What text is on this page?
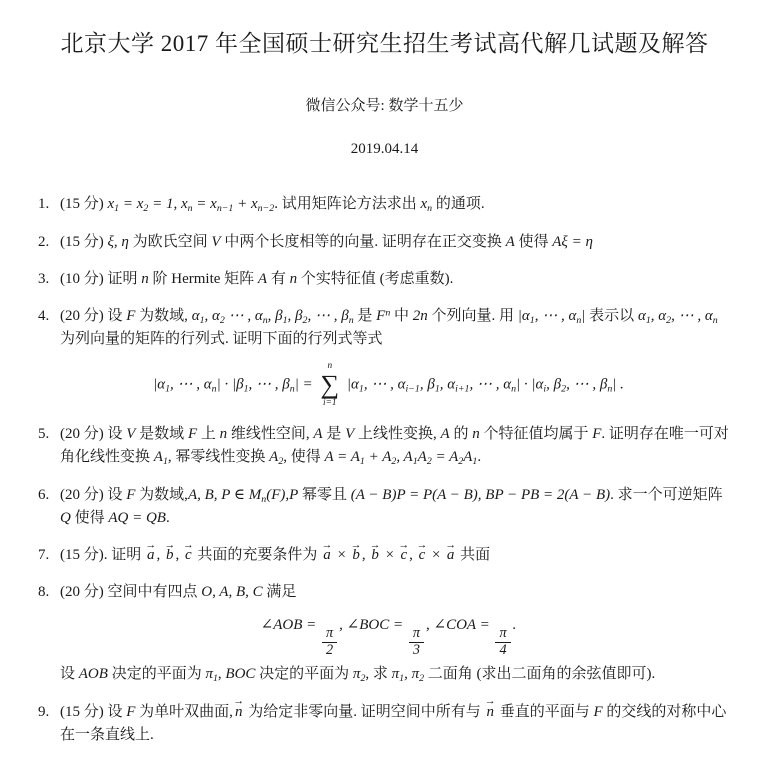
北京大学 2017 年全国硕士研究生招生考试高代解几试题及解答
微信公众号: 数学十五少
2019.04.14
1. (15 分) $x_1 = x_2 = 1$, $x_n = x_{n-1} + x_{n-2}$. 试用矩阵论方法求出 $x_n$ 的通项.
2. (15 分) ξ, η 为欧氏空间 V 中两个长度相等的向量. 证明存在正交变换 A 使得 Aξ = η
3. (10 分) 证明 n 阶 Hermite 矩阵 A 有 n 个实特征值 (考虑重数).
4. (20 分) 设 F 为数域, $\alpha_1$, $\alpha_2$ ⋯ , $\alpha_n$, $\beta_1$, $\beta_2$, ⋯ , $\beta_n$ 是 $F^n$ 中 2n 个列向量. 用 $|\alpha_1$, ⋯ , $\alpha_n|$ 表示以 $\alpha_1$, $\alpha_2$, ⋯ , $\alpha_n$ 为列向量的矩阵的行列式. 证明下面的行列式等式
$|\alpha_1$, ⋯ , $\alpha_n| \cdot |\beta_1$, ⋯ , $\beta_n|$ =
n
∑
i=1
$|\alpha_1$, ⋯ , $\alpha_{i-1}$, $\beta_1$, $\alpha_{i+1}$, ⋯ , $\alpha_n| \cdot |\alpha_i$, $\beta_2$, ⋯ , $\beta_n|$ .
5. (20 分) 设 V 是数域 F 上 n 维线性空间, A 是 V 上线性变换, A 的 n 个特征值均属于 F. 证明存在唯一可对角化线性变换 $A_1$, 幂零线性变换 $A_2$, 使得 $A = A_1 + A_2$, $A_1A_2 = A_2A_1$.
6. (20 分) 设 F 为数域,A, B, P ∈ $M_n(F),P$ 幂零且 (A − B)P = P(A − B), BP − PB = 2(A − B). 求一个可逆矩阵 Q 使得 AQ = QB.
7. (15 分). 证明
→
a ,
→
b ,
→
c 共面的充要条件为
→
a ×
→
b ,
→
b ×
→
c ,
→
c ×
→
a 共面
8. (20 分) 空间中有四点 O, A, B, C 满足
∠AOB =
$\frac{\pi}{2}$
, ∠BOC =
$\frac{\pi}{3}$
, ∠COA =
$\frac{\pi}{4}$
.
设 AOB 决定的平面为 $\pi_1$, BOC 决定的平面为 $\pi_2$, 求 $\pi_1$, $\pi_2$ 二面角 (求出二面角的余弦值即可).
9. (15 分) 设 F 为单叶双曲面,
→
n 为给定非零向量. 证明空间中所有与
→
n 垂直的平面与 F 的交线的对称中心在一条直线上.
